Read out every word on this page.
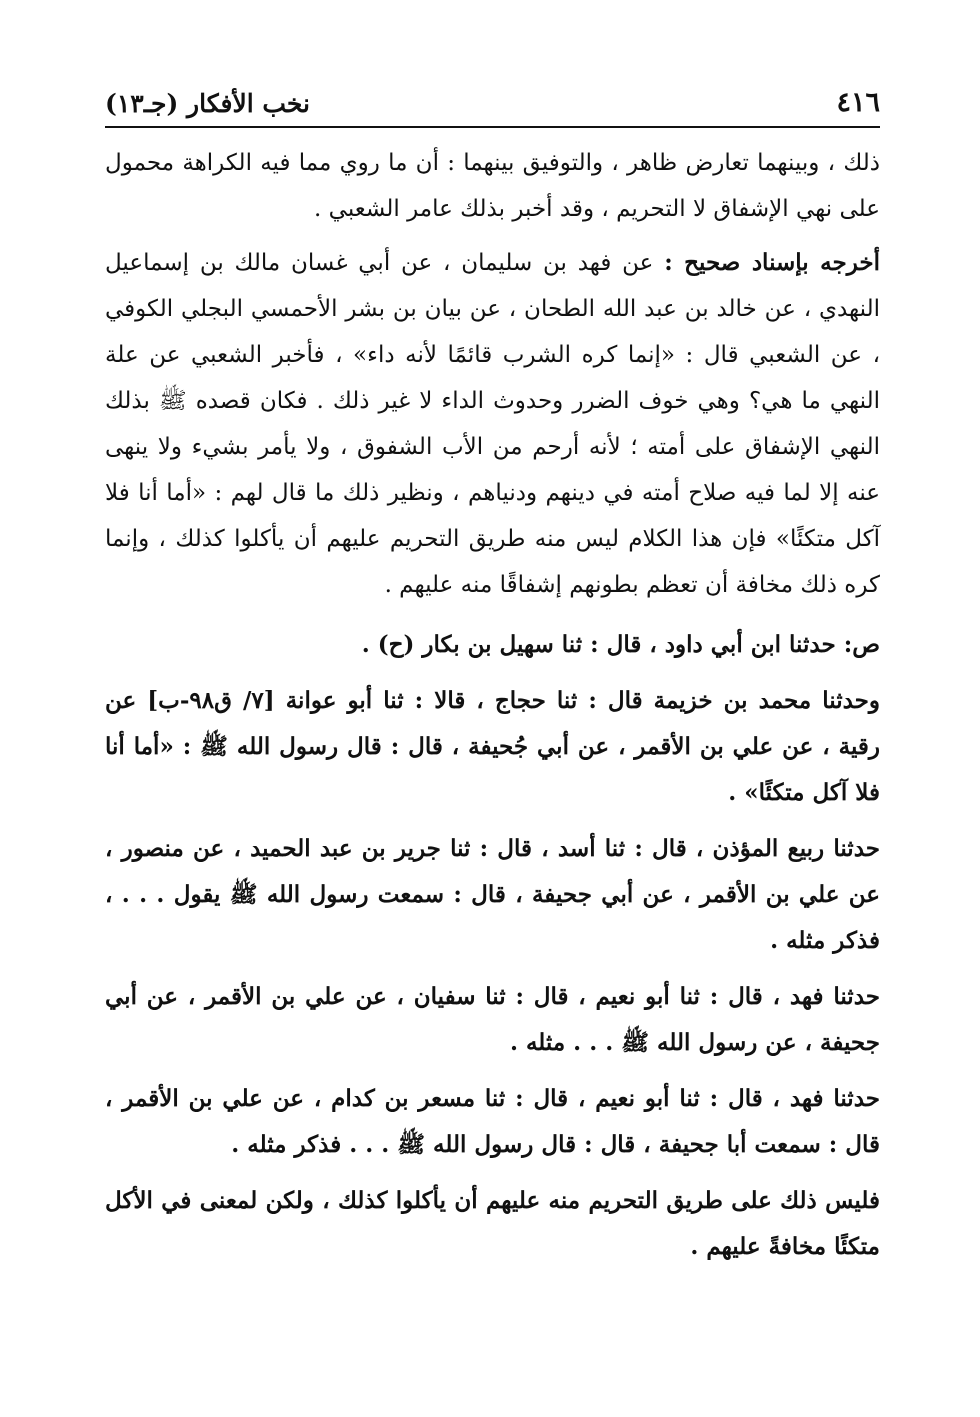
٤١٦
نخب الأفكار (جـ١٣)

ذلك ، وبينهما تعارض ظاهر ، والتوفيق بينهما : أن ما روي مما فيه الكراهة محمول على نهي الإشفاق لا التحريم ، وقد أخبر بذلك عامر الشعبي .

أخرجه بإسناد صحيح : عن فهد بن سليمان ، عن أبي غسان مالك بن إسماعيل النهدي ، عن خالد بن عبد الله الطحان ، عن بيان بن بشر الأحمسي البجلي الكوفي ، عن الشعبي قال : «إنما كره الشرب قائمًا لأنه داء» ، فأخبر الشعبي عن علة النهي ما هي؟ وهي خوف الضرر وحدوث الداء لا غير ذلك . فكان قصده ﷺ بذلك النهي الإشفاق على أمته ؛ لأنه أرحم من الأب الشفوق ، ولا يأمر بشيء ولا ينهى عنه إلا لما فيه صلاح أمته في دينهم ودنياهم ، ونظير ذلك ما قال لهم : «أما أنا فلا آكل متكئًا» فإن هذا الكلام ليس منه طريق التحريم عليهم أن يأكلوا كذلك ، وإنما كره ذلك مخافة أن تعظم بطونهم إشفاقًا منه عليهم .

ص: حدثنا ابن أبي داود ، قال : ثنا سهيل بن بكار (ح) .

وحدثنا محمد بن خزيمة قال : ثنا حجاج ، قالا : ثنا أبو عوانة [٧/ ق٩٨-ب] عن رقية ، عن علي بن الأقمر ، عن أبي جُحيفة ، قال : قال رسول الله ﷺ : «أما أنا فلا آكل متكئًا» .

حدثنا ربيع المؤذن ، قال : ثنا أسد ، قال : ثنا جرير بن عبد الحميد ، عن منصور ، عن علي بن الأقمر ، عن أبي جحيفة ، قال : سمعت رسول الله ﷺ يقول . . . ، فذكر مثله .

حدثنا فهد ، قال : ثنا أبو نعيم ، قال : ثنا سفيان ، عن علي بن الأقمر ، عن أبي جحيفة ، عن رسول الله ﷺ . . . مثله .

حدثنا فهد ، قال : ثنا أبو نعيم ، قال : ثنا مسعر بن كدام ، عن علي بن الأقمر ، قال : سمعت أبا جحيفة ، قال : قال رسول الله ﷺ . . . فذكر مثله .

فليس ذلك على طريق التحريم منه عليهم أن يأكلوا كذلك ، ولكن لمعنى في الأكل متكئًا مخافةً عليهم .
